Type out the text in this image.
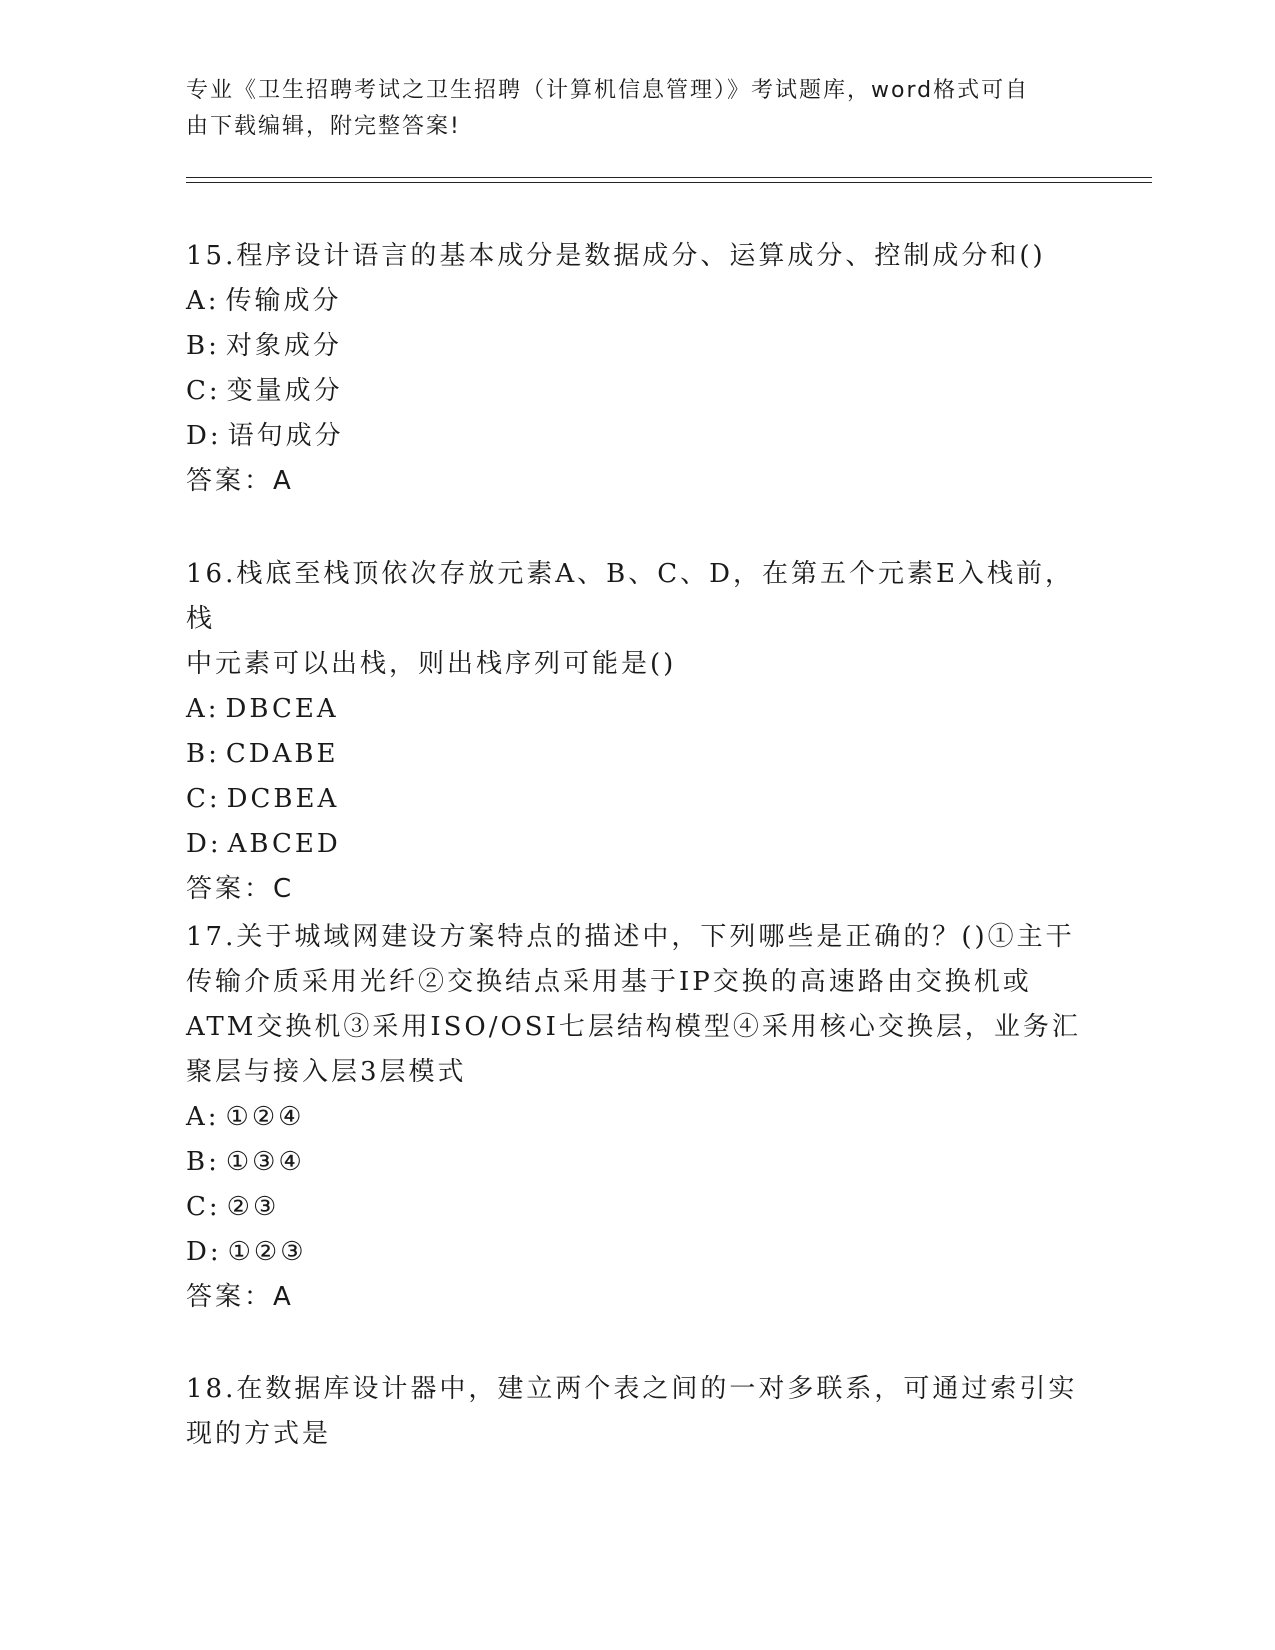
专业《卫生招聘考试之卫生招聘（计算机信息管理）》考试题库，word格式可自
由下载编辑，附完整答案!

15.程序设计语言的基本成分是数据成分、运算成分、控制成分和()

A: 传输成分
B: 对象成分
C: 变量成分
D: 语句成分

答案：A

16.栈底至栈顶依次存放元素A、B、C、D，在第五个元素E入栈前，栈

中元素可以出栈，则出栈序列可能是()

A: DBCEA
B: CDABE
C: DCBEA
D: ABCED

答案：C

17.关于城域网建设方案特点的描述中，下列哪些是正确的？()①主干

传输介质采用光纤②交换结点采用基于IP交换的高速路由交换机或

ATM交换机③采用ISO/OSI七层结构模型④采用核心交换层，业务汇

聚层与接入层3层模式

A: ①②④
B: ①③④
C: ②③
D: ①②③

答案：A

18.在数据库设计器中，建立两个表之间的一对多联系，可通过索引实

现的方式是
